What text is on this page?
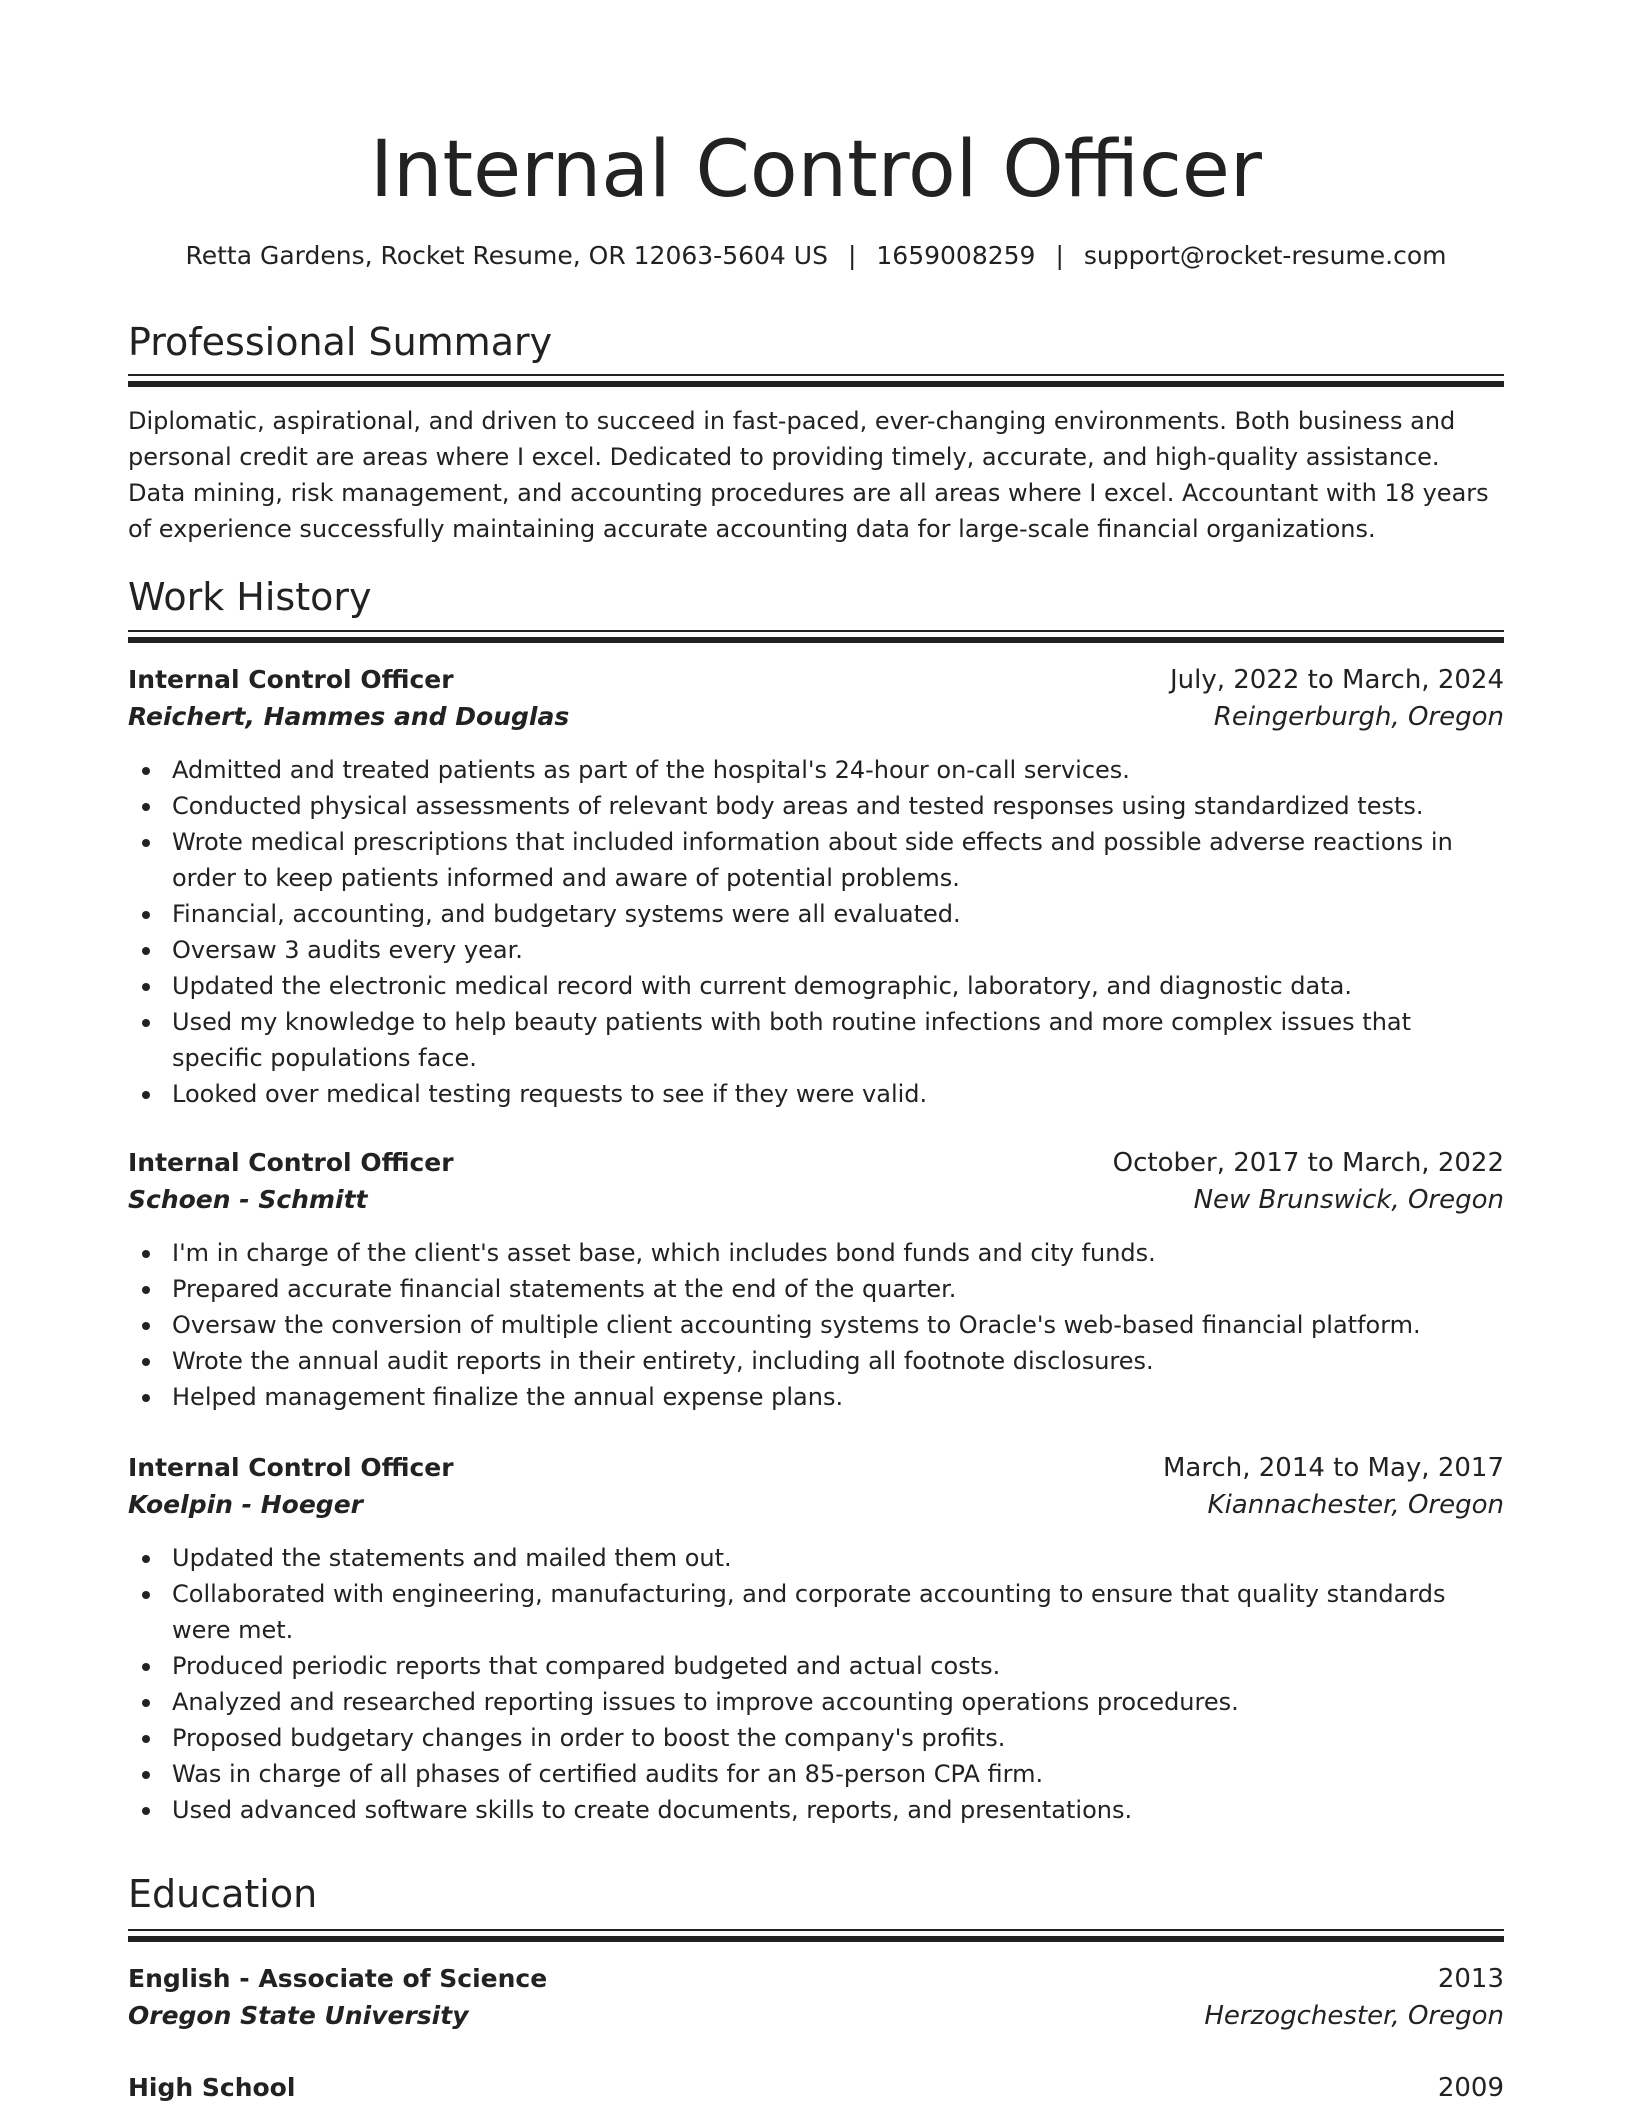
Internal Control Officer
Retta Gardens, Rocket Resume, OR 12063-5604 US | 1659008259 | support@rocket-resume.com
Professional Summary
Diplomatic, aspirational, and driven to succeed in fast-paced, ever-changing environments. Both business and personal credit are areas where I excel. Dedicated to providing timely, accurate, and high-quality assistance. Data mining, risk management, and accounting procedures are all areas where I excel. Accountant with 18 years of experience successfully maintaining accurate accounting data for large-scale financial organizations.
Work History
Internal Control Officer	July, 2022 to March, 2024
Reichert, Hammes and Douglas	Reingerburgh, Oregon
Admitted and treated patients as part of the hospital's 24-hour on-call services.
Conducted physical assessments of relevant body areas and tested responses using standardized tests.
Wrote medical prescriptions that included information about side effects and possible adverse reactions in order to keep patients informed and aware of potential problems.
Financial, accounting, and budgetary systems were all evaluated.
Oversaw 3 audits every year.
Updated the electronic medical record with current demographic, laboratory, and diagnostic data.
Used my knowledge to help beauty patients with both routine infections and more complex issues that specific populations face.
Looked over medical testing requests to see if they were valid.
Internal Control Officer	October, 2017 to March, 2022
Schoen - Schmitt	New Brunswick, Oregon
I'm in charge of the client's asset base, which includes bond funds and city funds.
Prepared accurate financial statements at the end of the quarter.
Oversaw the conversion of multiple client accounting systems to Oracle's web-based financial platform.
Wrote the annual audit reports in their entirety, including all footnote disclosures.
Helped management finalize the annual expense plans.
Internal Control Officer	March, 2014 to May, 2017
Koelpin - Hoeger	Kiannachester, Oregon
Updated the statements and mailed them out.
Collaborated with engineering, manufacturing, and corporate accounting to ensure that quality standards were met.
Produced periodic reports that compared budgeted and actual costs.
Analyzed and researched reporting issues to improve accounting operations procedures.
Proposed budgetary changes in order to boost the company's profits.
Was in charge of all phases of certified audits for an 85-person CPA firm.
Used advanced software skills to create documents, reports, and presentations.
Education
English - Associate of Science	2013
Oregon State University	Herzogchester, Oregon
High School	2009
